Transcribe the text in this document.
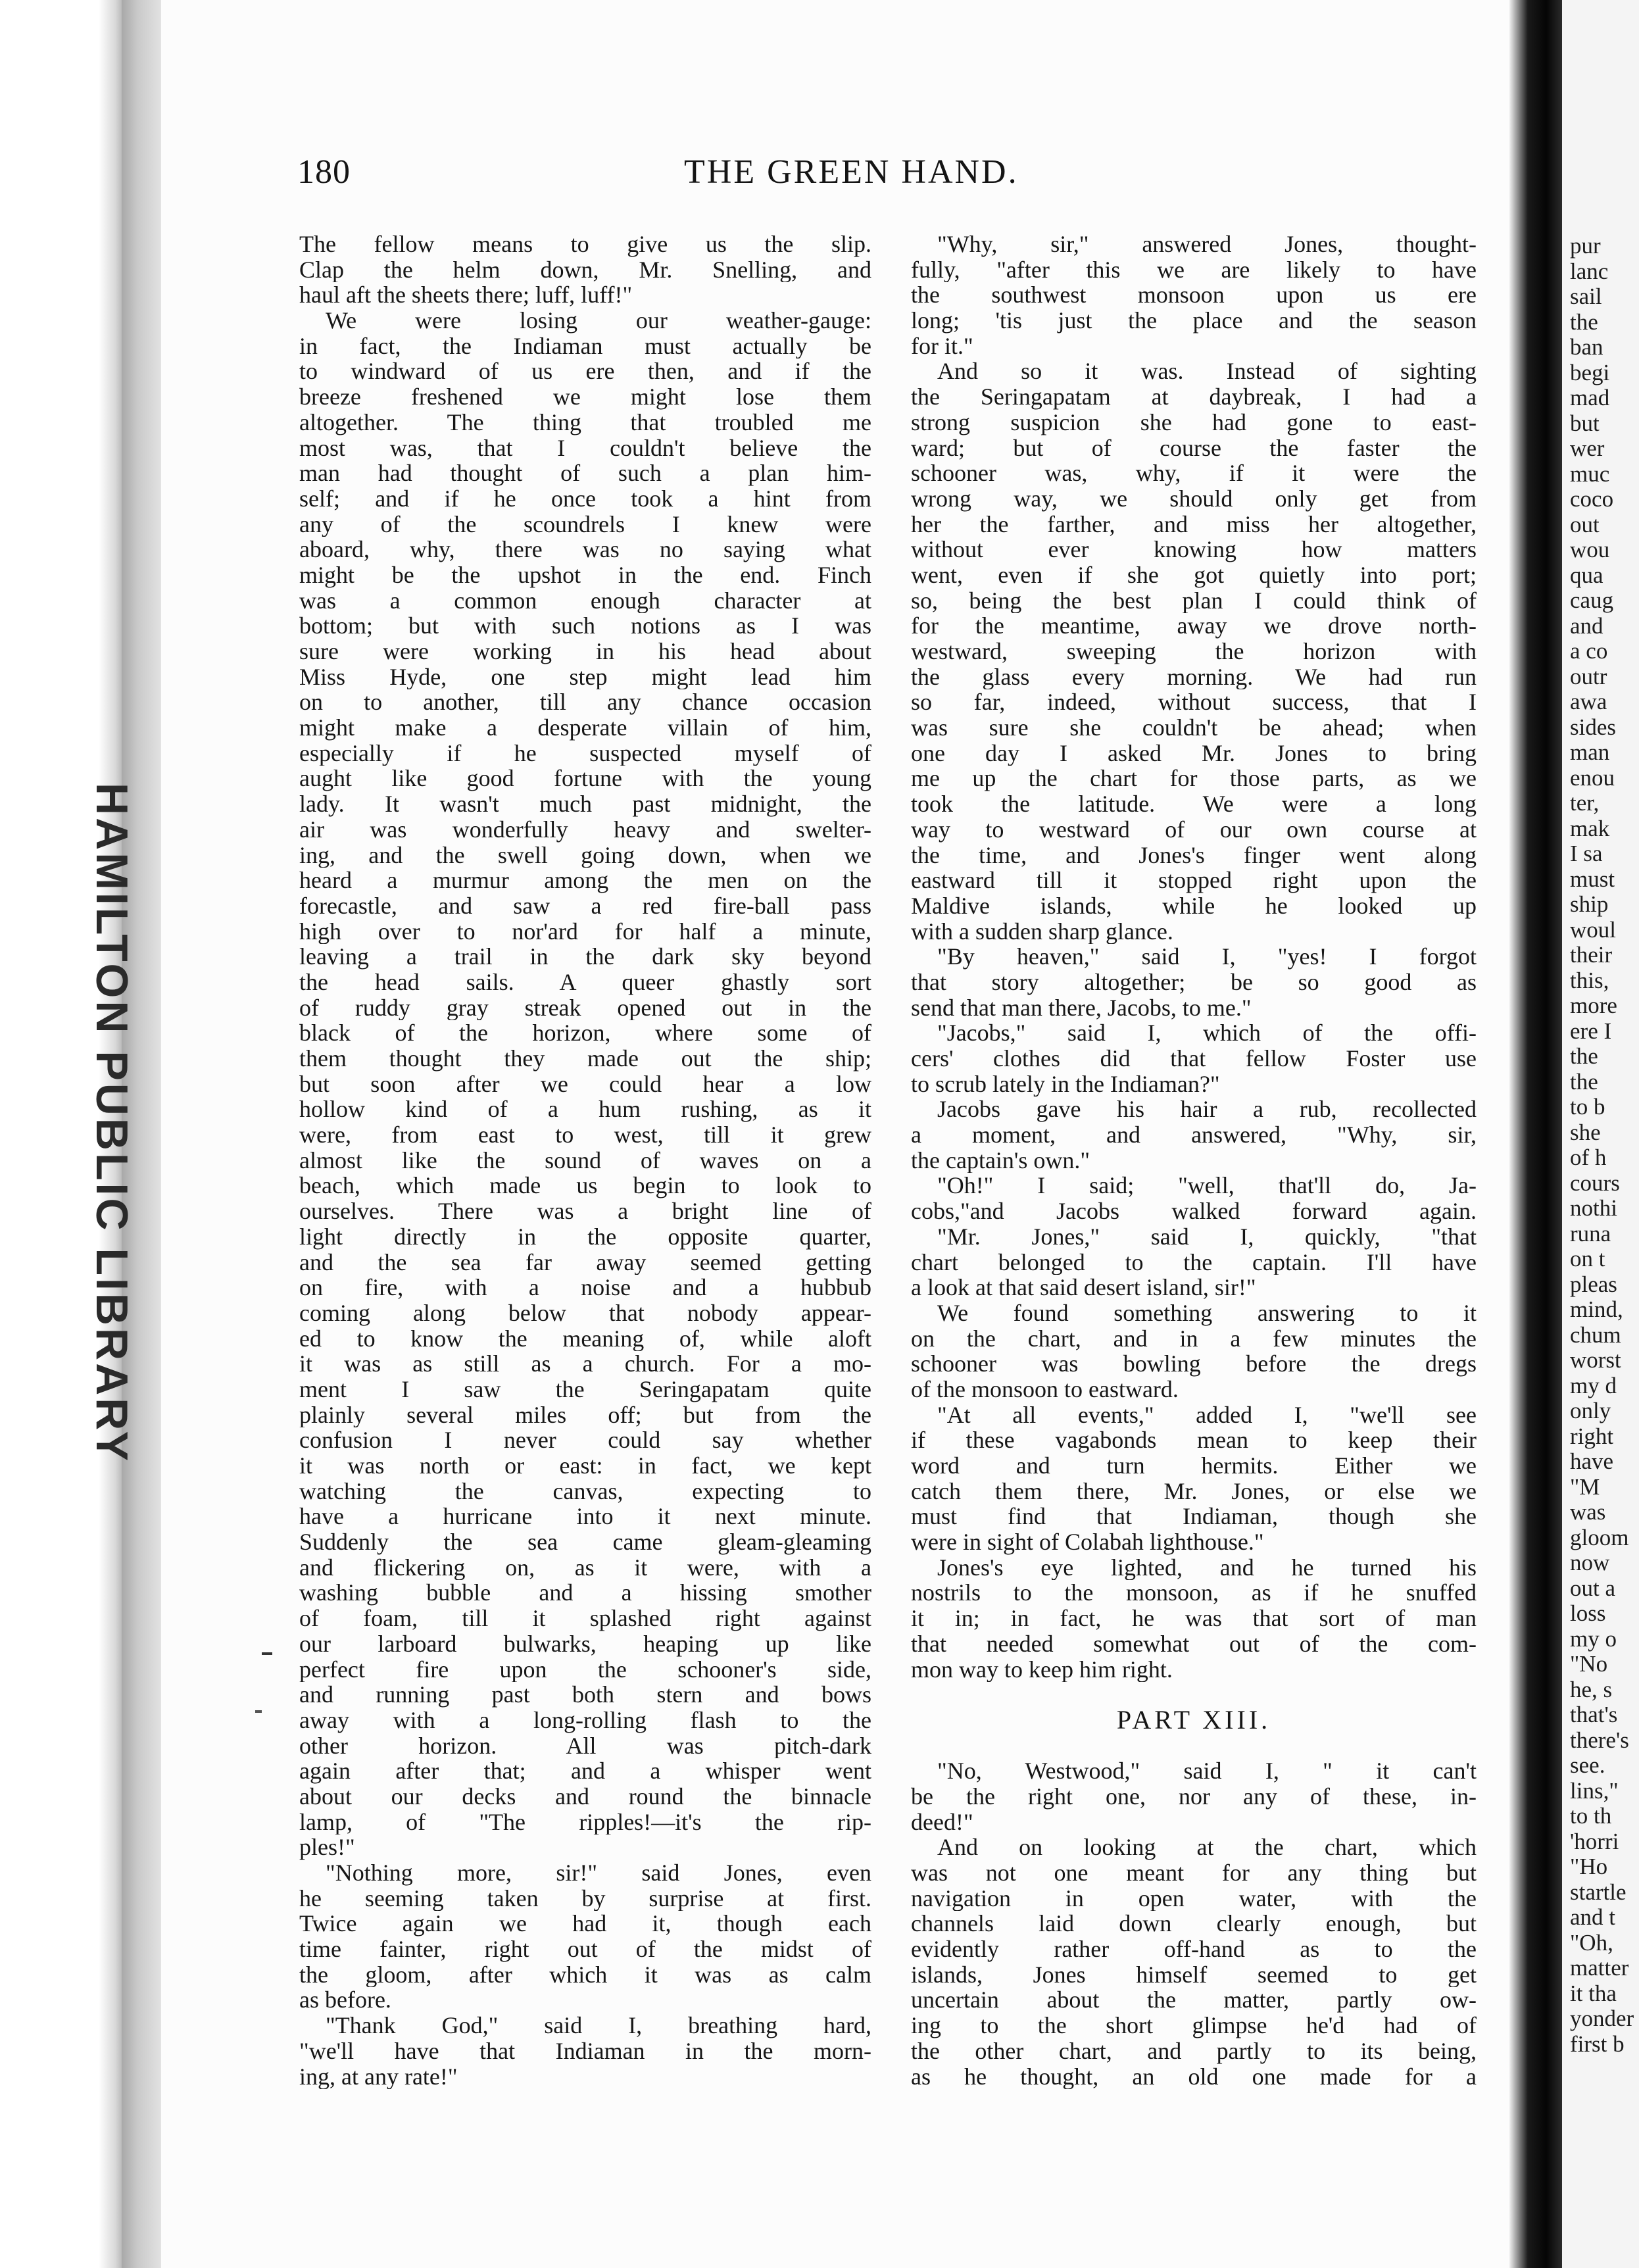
HAMILTON PUBLIC LIBRARY
180	THE GREEN HAND.
The fellow means to give us the slip.
Clap the helm down, Mr. Snelling, and
haul aft the sheets there; luff, luff!"
We were losing our weather-gauge:
in fact, the Indiaman must actually be
to windward of us ere then, and if the
breeze freshened we might lose them
altogether. The thing that troubled me
most was, that I couldn't believe the
man had thought of such a plan him-
self; and if he once took a hint from
any of the scoundrels I knew were
aboard, why, there was no saying what
might be the upshot in the end. Finch
was a common enough character at
bottom; but with such notions as I was
sure were working in his head about
Miss Hyde, one step might lead him
on to another, till any chance occasion
might make a desperate villain of him,
especially if he suspected myself of
aught like good fortune with the young
lady. It wasn't much past midnight, the
air was wonderfully heavy and swelter-
ing, and the swell going down, when we
heard a murmur among the men on the
forecastle, and saw a red fire-ball pass
high over to nor'ard for half a minute,
leaving a trail in the dark sky beyond
the head sails. A queer ghastly sort
of ruddy gray streak opened out in the
black of the horizon, where some of
them thought they made out the ship;
but soon after we could hear a low
hollow kind of a hum rushing, as it
were, from east to west, till it grew
almost like the sound of waves on a
beach, which made us begin to look to
ourselves. There was a bright line of
light directly in the opposite quarter,
and the sea far away seemed getting
on fire, with a noise and a hubbub
coming along below that nobody appear-
ed to know the meaning of, while aloft
it was as still as a church. For a mo-
ment I saw the Seringapatam quite
plainly several miles off; but from the
confusion I never could say whether
it was north or east: in fact, we kept
watching the canvas, expecting to
have a hurricane into it next minute.
Suddenly the sea came gleam-gleaming
and flickering on, as it were, with a
washing bubble and a hissing smother
of foam, till it splashed right against
our larboard bulwarks, heaping up like
perfect fire upon the schooner's side,
and running past both stern and bows
away with a long-rolling flash to the
other horizon. All was pitch-dark
again after that; and a whisper went
about our decks and round the binnacle
lamp, of "The ripples!—it's the rip-
ples!"
"Nothing more, sir!" said Jones, even
he seeming taken by surprise at first.
Twice again we had it, though each
time fainter, right out of the midst of
the gloom, after which it was as calm
as before.
"Thank God," said I, breathing hard,
"we'll have that Indiaman in the morn-
ing, at any rate!"
"Why, sir," answered Jones, thought-
fully, "after this we are likely to have
the southwest monsoon upon us ere
long; 'tis just the place and the season
for it."
And so it was. Instead of sighting
the Seringapatam at daybreak, I had a
strong suspicion she had gone to east-
ward; but of course the faster the
schooner was, why, if it were the
wrong way, we should only get from
her the farther, and miss her altogether,
without ever knowing how matters
went, even if she got quietly into port;
so, being the best plan I could think of
for the meantime, away we drove north-
westward, sweeping the horizon with
the glass every morning. We had run
so far, indeed, without success, that I
was sure she couldn't be ahead; when
one day I asked Mr. Jones to bring
me up the chart for those parts, as we
took the latitude. We were a long
way to westward of our own course at
the time, and Jones's finger went along
eastward till it stopped right upon the
Maldive islands, while he looked up
with a sudden sharp glance.
"By heaven," said I, "yes! I forgot
that story altogether; be so good as
send that man there, Jacobs, to me."
"Jacobs," said I, which of the offi-
cers' clothes did that fellow Foster use
to scrub lately in the Indiaman?"
Jacobs gave his hair a rub, recollected
a moment, and answered, "Why, sir,
the captain's own."
"Oh!" I said; "well, that'll do, Ja-
cobs,"and Jacobs walked forward again.
"Mr. Jones," said I, quickly, "that
chart belonged to the captain. I'll have
a look at that said desert island, sir!"
We found something answering to it
on the chart, and in a few minutes the
schooner was bowling before the dregs
of the monsoon to eastward.
"At all events," added I, "we'll see
if these vagabonds mean to keep their
word and turn hermits. Either we
catch them there, Mr. Jones, or else we
must find that Indiaman, though she
were in sight of Colabah lighthouse."
Jones's eye lighted, and he turned his
nostrils to the monsoon, as if he snuffed
it in; in fact, he was that sort of man
that needed somewhat out of the com-
mon way to keep him right.
PART XIII.
"No, Westwood," said I, " it can't
be the right one, nor any of these, in-
deed!"
And on looking at the chart, which
was not one meant for any thing but
navigation in open water, with the
channels laid down clearly enough, but
evidently rather off-hand as to the
islands, Jones himself seemed to get
uncertain about the matter, partly ow-
ing to the short glimpse he'd had of
the other chart, and partly to its being,
as he thought, an old one made for a
pur
lanc
sail
the
ban
begi
mad
but
wer
muc
coco
out
wou
qua
caug
and
a co
outr
awa
sides
man
enou
ter,
mak
I sa
must
ship
woul
their
this,
more
ere I
the
the
to b
she
of h
cours
nothi
runa
on t
pleas
mind,
chum
worst
my d
only
right
have
"M
was
gloom
now
out a
loss
my o
"No
he, s
that's
there's
see.
lins,"
to th
'horri
"Ho
startle
and t
"Oh,
matter
it tha
yonder
first b
